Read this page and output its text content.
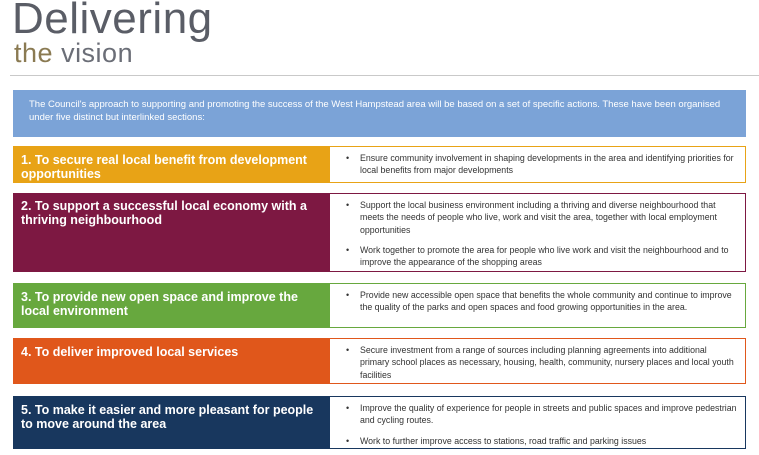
Delivering
the vision
The Council's approach to supporting and promoting the success of the West Hampstead area will be based on a set of specific actions. These have been organised under five distinct but interlinked sections:
1. To secure real local benefit from development opportunities
• Ensure community involvement in shaping developments in the area and identifying priorities for local benefits from major developments
2. To support a successful local economy with a thriving neighbourhood
• Support the local business environment including a thriving and diverse neighbourhood that meets the needs of people who live, work and visit the area, together with local employment opportunities
• Work together to promote the area for people who live work and visit the neighbourhood and to improve the appearance of the shopping areas
3. To provide new open space and improve the local environment
• Provide new accessible open space that benefits the whole community and continue to improve the quality of the parks and open spaces and food growing opportunities in the area.
4. To deliver improved local services	• Secure investment from a range of sources including planning agreements into additional primary school places as necessary, housing, health, community, nursery places and local youth facilities
5. To make it easier and more pleasant for people to move around the area
• Improve the quality of experience for people in streets and public spaces and improve pedestrian and cycling routes.
• Work to further improve access to stations, road traffic and parking issues
